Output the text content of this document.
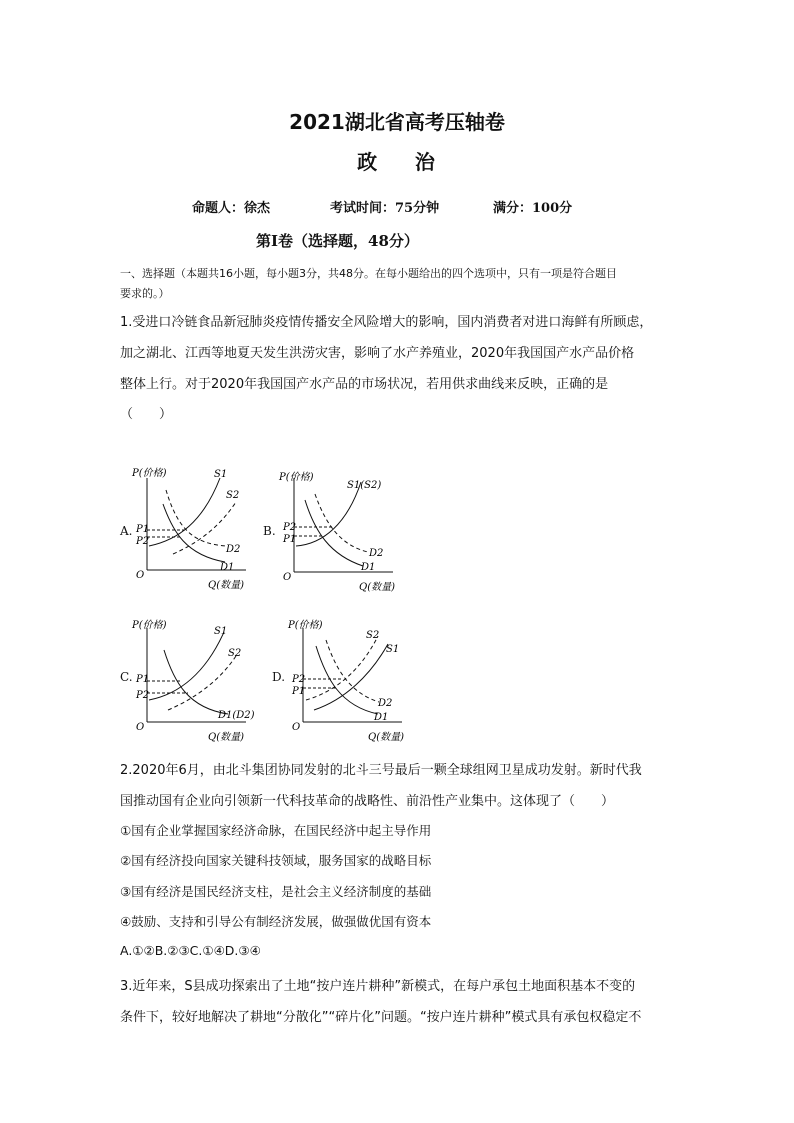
2021湖北省高考压轴卷
政    治
命题人：徐杰	考试时间：75分钟	满分：100分
第Ⅰ卷（选择题，48分）
一、选择题（本题共16小题，每小题3分，共48分。在每小题给出的四个选项中，只有一项是符合题目
要求的。）
1.受进口冷链食品新冠肺炎疫情传播安全风险增大的影响，国内消费者对进口海鲜有所顾虑，
加之湖北、江西等地夏天发生洪涝灾害，影响了水产养殖业，2020年我国国产水产品价格
整体上行。对于2020年我国国产水产品的市场状况，若用供求曲线来反映，正确的是
（　　）
A.
P(价格)
Q(数量)
O
P1
P2
S1
S2
D2
D1
B.
P(价格)
Q(数量)
O
P2
P1
S1(S2)
D2
D1
C.
P(价格)
Q(数量)
O
P1
P2
S1
S2
D1(D2)
D.
P(价格)
Q(数量)
O
P2
P1
S2
S1
D2
D1
2.2020年6月，由北斗集团协同发射的北斗三号最后一颗全球组网卫星成功发射。新时代我
国推动国有企业向引领新一代科技革命的战略性、前沿性产业集中。这体现了（　　）
①国有企业掌握国家经济命脉，在国民经济中起主导作用
②国有经济投向国家关键科技领域，服务国家的战略目标
③国有经济是国民经济支柱，是社会主义经济制度的基础
④鼓励、支持和引导公有制经济发展，做强做优国有资本
A.①②B.②③C.①④D.③④
3.近年来，S县成功探索出了土地“按户连片耕种”新模式，在每户承包土地面积基本不变的
条件下，较好地解决了耕地“分散化”“碎片化”问题。“按户连片耕种”模式具有承包权稳定不
